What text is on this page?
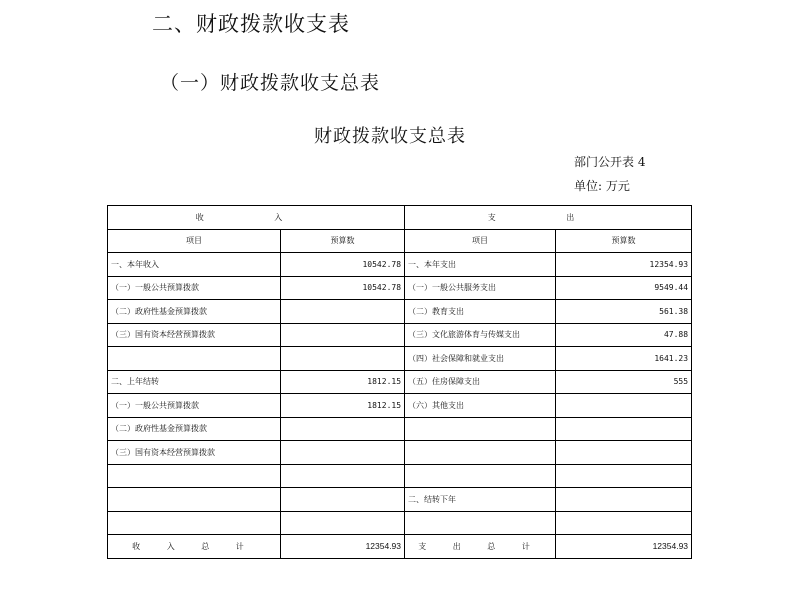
二、财政拨款收支表
（一）财政拨款收支总表
财政拨款收支总表
部门公开表 4
单位: 万元
收 入		支 出	
项目	预算数	项目	预算数
一、本年收入	10542.78	一、本年支出	12354.93
（一）一般公共预算拨款	10542.78	（一）一般公共服务支出	9549.44
（二）政府性基金预算拨款		（二）教育支出	561.38
（三）国有资本经营预算拨款		（三）文化旅游体育与传媒支出	47.88
		（四）社会保障和就业支出	1641.23
二、上年结转	1812.15	（五）住房保障支出	555
（一）一般公共预算拨款	1812.15	（六）其他支出	
（二）政府性基金预算拨款			
（三）国有资本经营预算拨款			

		二、结转下年	

收 入 总 计	12354.93	支 出 总 计	12354.93
